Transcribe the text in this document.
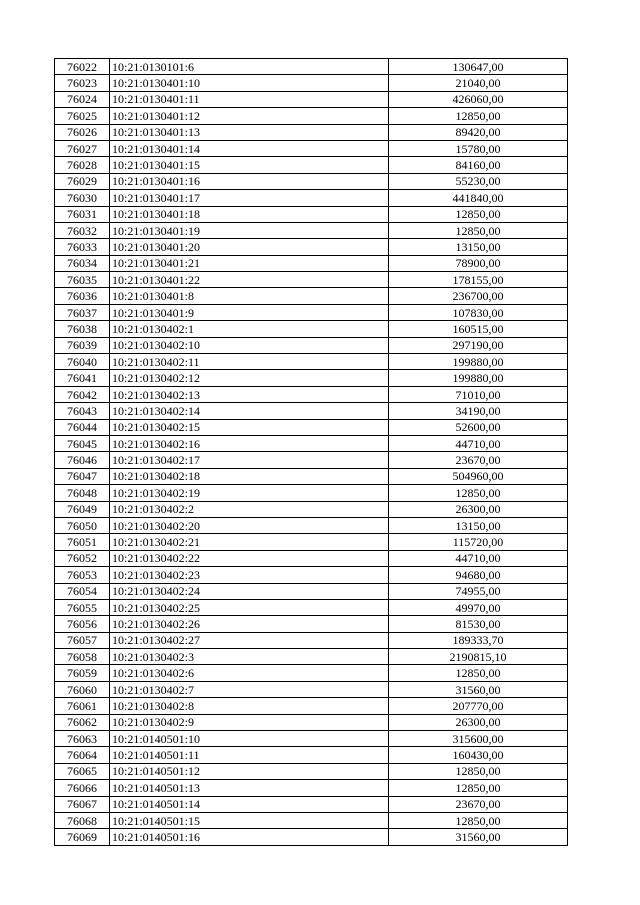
76022	10:21:0130101:6	130647,00
76023	10:21:0130401:10	21040,00
76024	10:21:0130401:11	426060,00
76025	10:21:0130401:12	12850,00
76026	10:21:0130401:13	89420,00
76027	10:21:0130401:14	15780,00
76028	10:21:0130401:15	84160,00
76029	10:21:0130401:16	55230,00
76030	10:21:0130401:17	441840,00
76031	10:21:0130401:18	12850,00
76032	10:21:0130401:19	12850,00
76033	10:21:0130401:20	13150,00
76034	10:21:0130401:21	78900,00
76035	10:21:0130401:22	178155,00
76036	10:21:0130401:8	236700,00
76037	10:21:0130401:9	107830,00
76038	10:21:0130402:1	160515,00
76039	10:21:0130402:10	297190,00
76040	10:21:0130402:11	199880,00
76041	10:21:0130402:12	199880,00
76042	10:21:0130402:13	71010,00
76043	10:21:0130402:14	34190,00
76044	10:21:0130402:15	52600,00
76045	10:21:0130402:16	44710,00
76046	10:21:0130402:17	23670,00
76047	10:21:0130402:18	504960,00
76048	10:21:0130402:19	12850,00
76049	10:21:0130402:2	26300,00
76050	10:21:0130402:20	13150,00
76051	10:21:0130402:21	115720,00
76052	10:21:0130402:22	44710,00
76053	10:21:0130402:23	94680,00
76054	10:21:0130402:24	74955,00
76055	10:21:0130402:25	49970,00
76056	10:21:0130402:26	81530,00
76057	10:21:0130402:27	189333,70
76058	10:21:0130402:3	2190815,10
76059	10:21:0130402:6	12850,00
76060	10:21:0130402:7	31560,00
76061	10:21:0130402:8	207770,00
76062	10:21:0130402:9	26300,00
76063	10:21:0140501:10	315600,00
76064	10:21:0140501:11	160430,00
76065	10:21:0140501:12	12850,00
76066	10:21:0140501:13	12850,00
76067	10:21:0140501:14	23670,00
76068	10:21:0140501:15	12850,00
76069	10:21:0140501:16	31560,00
